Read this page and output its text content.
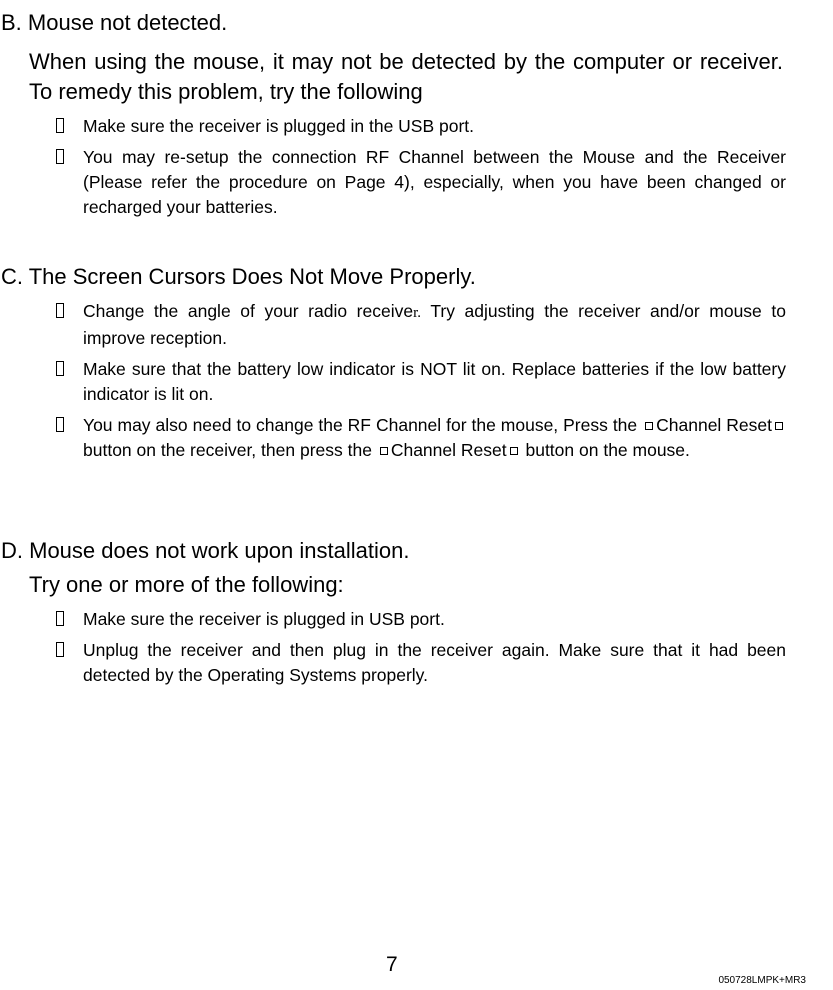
B. Mouse not detected.

When using the mouse, it may not be detected by the computer or receiver. To remedy this problem, try the following

Make sure the receiver is plugged in the USB port.
You may re-setup the connection RF Channel between the Mouse and the Receiver (Please refer the procedure on Page 4), especially, when you have been changed or recharged your batteries.
C. The Screen Cursors Does Not Move Properly.
Change the angle of your radio receiver. Try adjusting the receiver and/or mouse to improve reception.
Make sure that the battery low indicator is NOT lit on. Replace batteries if the low battery indicator is lit on.
You may also need to change the RF Channel for the mouse, Press the Channel Reset button on the receiver, then press the Channel Reset button on the mouse.
D. Mouse does not work upon installation.

Try one or more of the following:

Make sure the receiver is plugged in USB port.
Unplug the receiver and then plug in the receiver again. Make sure that it had been detected by the Operating Systems properly.
7
050728LMPK+MR3
